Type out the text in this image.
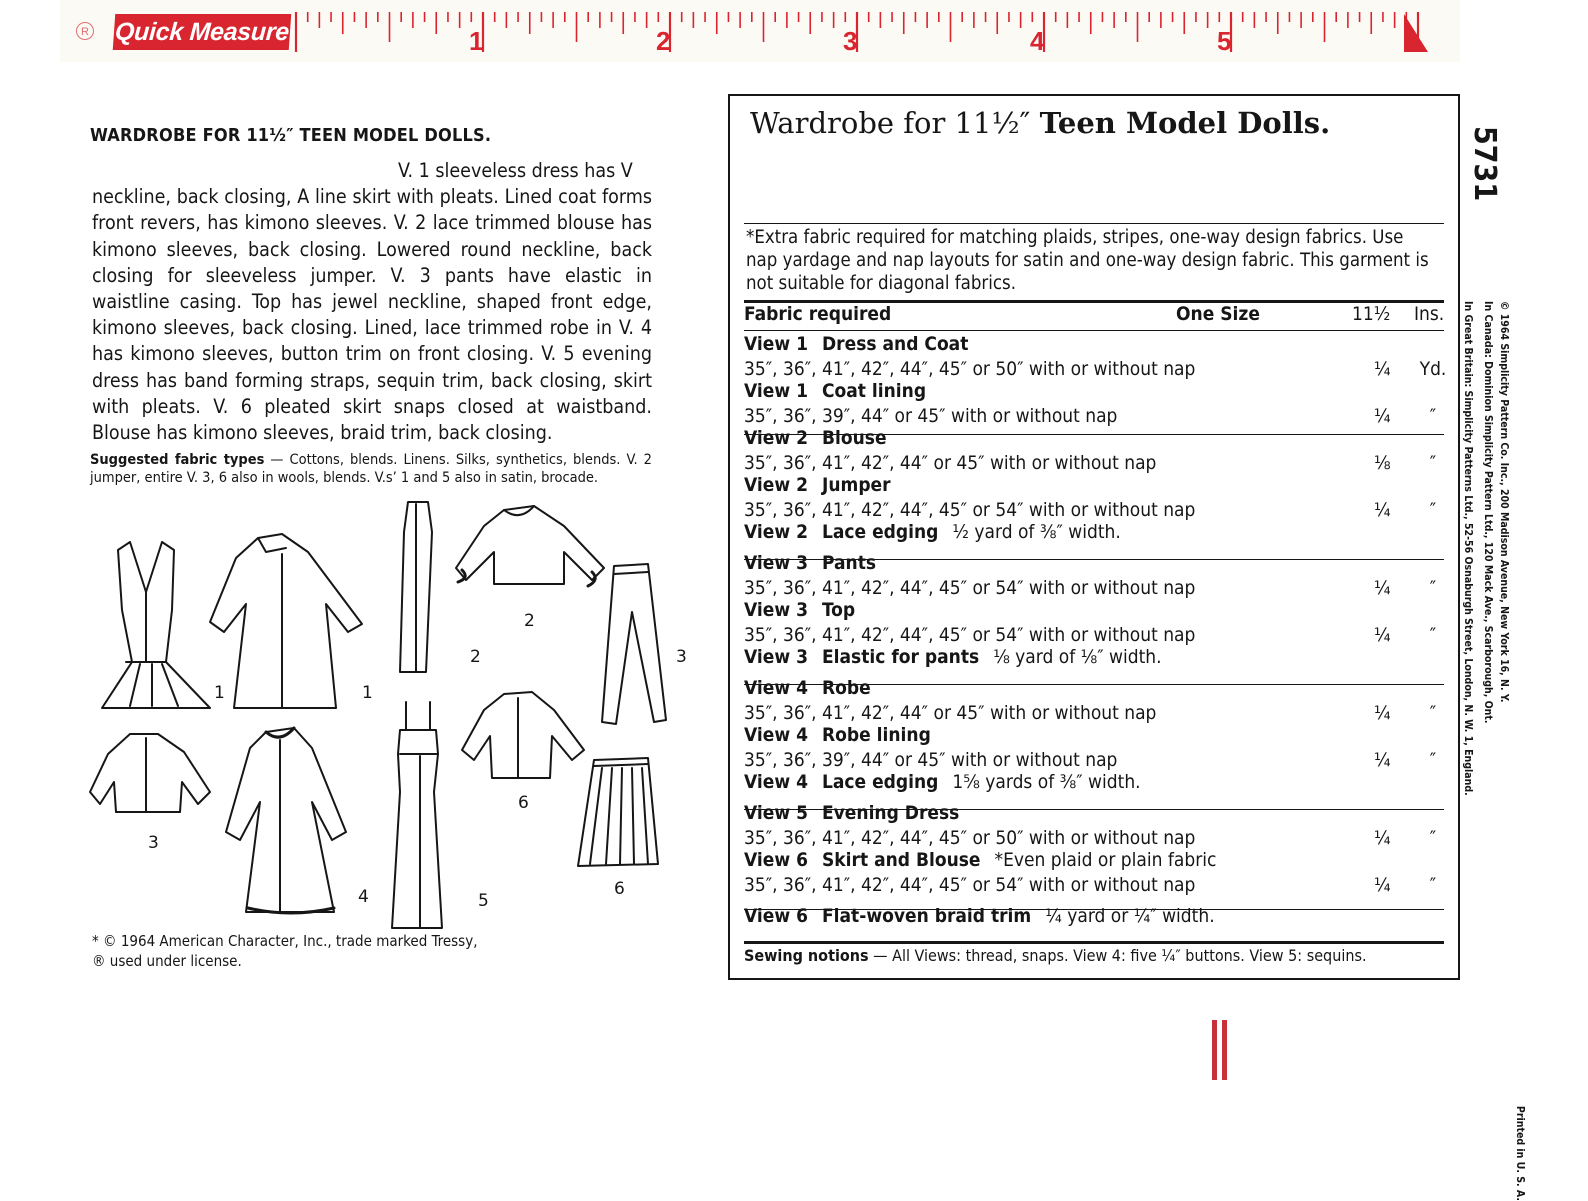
R Quick Measure	1	2	3	4	5
WARDROBE FOR 11½″ TEEN MODEL DOLLS.
V. 1 sleeveless dress has V
neckline, back closing, A line skirt with pleats. Lined coat forms front revers, has kimono sleeves. V. 2 lace trimmed blouse has kimono sleeves, back closing. Lowered round neckline, back closing for sleeveless jumper. V. 3 pants have elastic in waistline casing. Top has jewel neckline, shaped front edge, kimono sleeves, back closing. Lined, lace trimmed robe in V. 4 has kimono sleeves, button trim on front closing. V. 5 evening dress has band forming straps, sequin trim, back closing, skirt with pleats. V. 6 pleated skirt snaps closed at waistband. Blouse has kimono sleeves, braid trim, back closing.
Suggested fabric types — Cottons, blends. Linens. Silks, synthetics, blends. V. 2 jumper, entire V. 3, 6 also in wools, blends. V.s’ 1 and 5 also in satin, brocade.
1	1
2
2
3
3
4	5
6
6
* © 1964 American Character, Inc., trade marked Tressy,
® used under license.
Wardrobe for 11½″ Teen Model Dolls.
*Extra fabric required for matching plaids, stripes, one-way design fabrics. Use nap yardage and nap layouts for satin and one-way design fabric. This garment is not suitable for diagonal fabrics.
Fabric required	One Size	11½ Ins.
View 1 Dress and Coat
35″, 36″, 41″, 42″, 44″, 45″ or 50″ with or without nap	¼ Yd.
View 1 Coat lining
35″, 36″, 39″, 44″ or 45″ with or without nap	¼	″
View 2 Blouse
35″, 36″, 41″, 42″, 44″ or 45″ with or without nap	⅛	″
View 2 Jumper
35″, 36″, 41″, 42″, 44″, 45″ or 54″ with or without nap	¼	″
View 2 Lace edging ½ yard of ⅜″ width.
View 3 Pants
35″, 36″, 41″, 42″, 44″, 45″ or 54″ with or without nap	¼	″
View 3 Top
35″, 36″, 41″, 42″, 44″, 45″ or 54″ with or without nap	¼	″
View 3 Elastic for pants ⅛ yard of ⅛″ width.
View 4 Robe
35″, 36″, 41″, 42″, 44″ or 45″ with or without nap	¼	″
View 4 Robe lining
35″, 36″, 39″, 44″ or 45″ with or without nap	¼	″
View 4 Lace edging 1⅝ yards of ⅜″ width.
View 5 Evening Dress
35″, 36″, 41″, 42″, 44″, 45″ or 50″ with or without nap	¼	″
View 6 Skirt and Blouse *Even plaid or plain fabric
35″, 36″, 41″, 42″, 44″, 45″ or 54″ with or without nap	¼	″
View 6 Flat-woven braid trim ¼ yard or ¼″ width.
Sewing notions — All Views: thread, snaps. View 4: five ¼″ buttons. View 5: sequins.
5731
In Great Britain: Simplicity Patterns Ltd., 52-56 Osnaburgh Street, London, N. W. 1, England. In Canada: Dominion Simplicity Pattern Ltd., 120 Mack Ave., Scarborough, Ont. © 1964 Simplicity Pattern Co. Inc., 200 Madison Avenue, New York 16, N. Y.
Printed in U. S. A.
